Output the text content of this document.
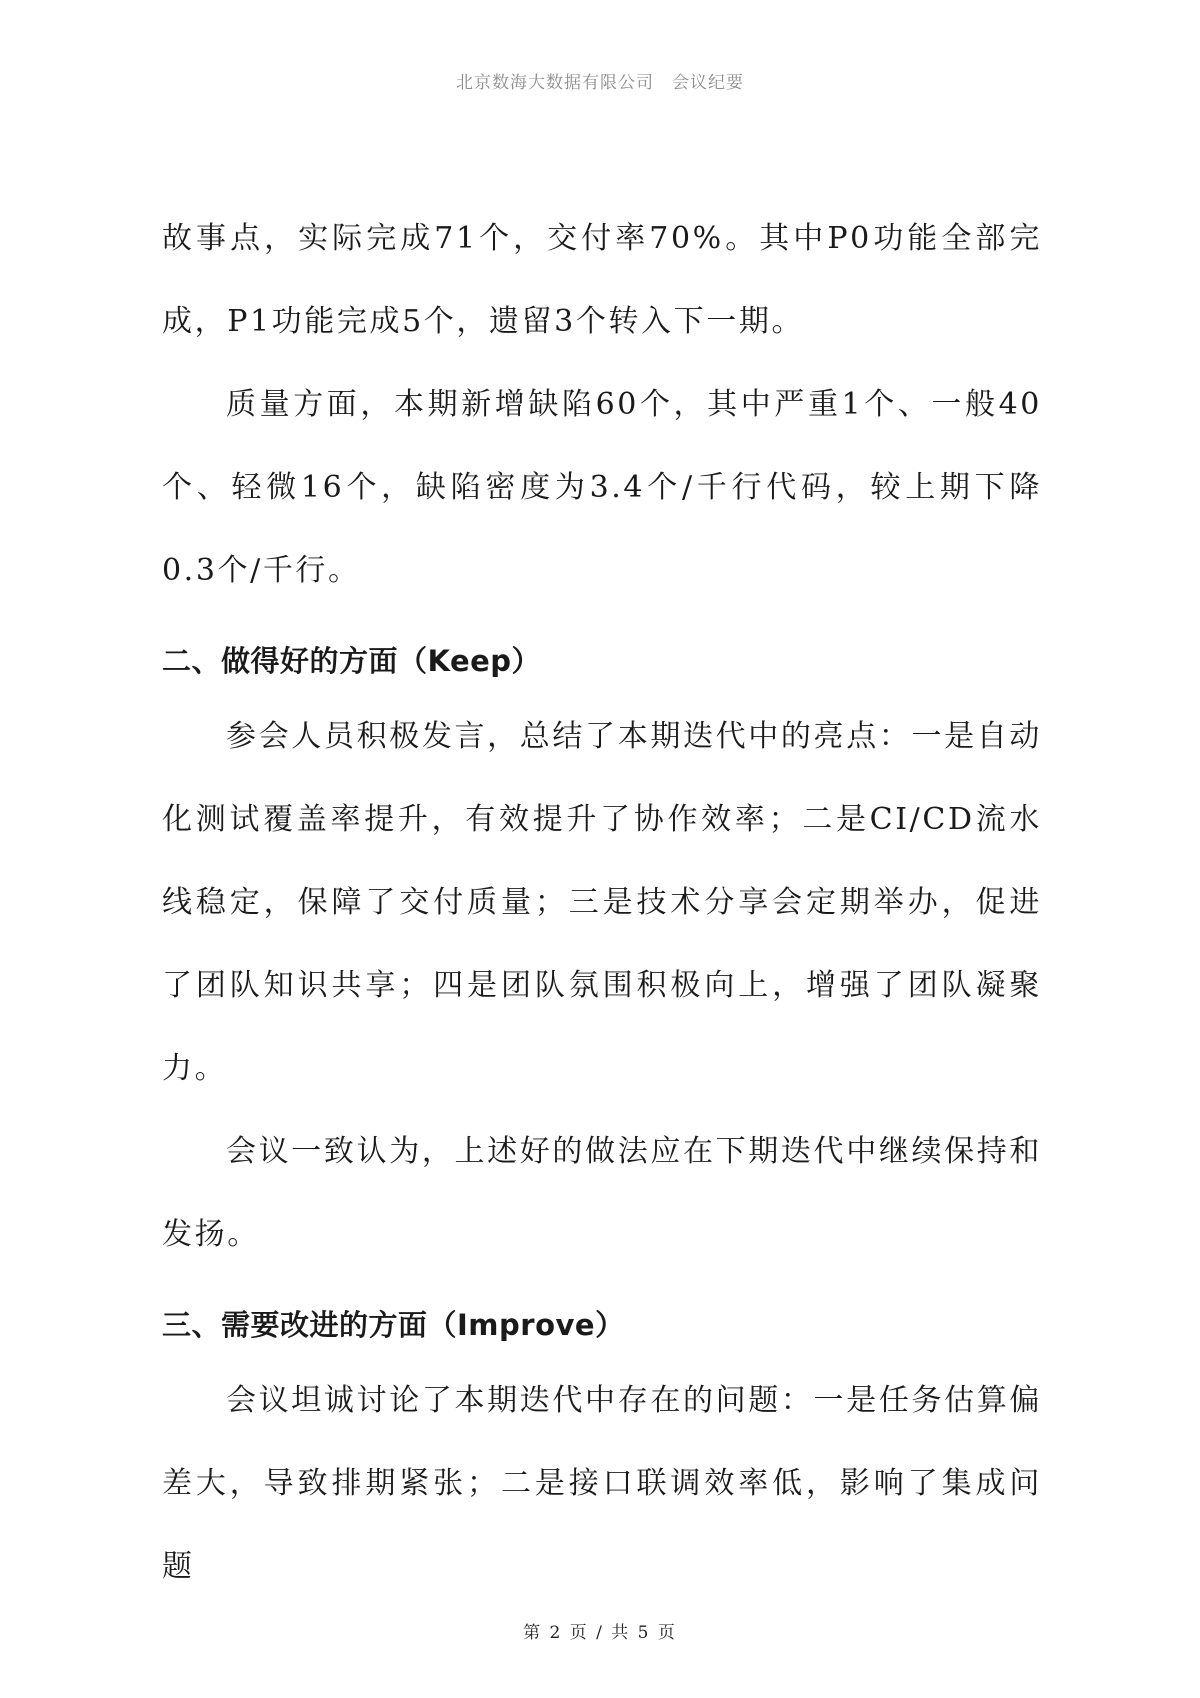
北京数海大数据有限公司　会议纪要

故事点，实际完成71个，交付率70%。其中P0功能全部完成，P1功能完成5个，遗留3个转入下一期。

质量方面，本期新增缺陷60个，其中严重1个、一般40个、轻微16个，缺陷密度为3.4个/千行代码，较上期下降0.3个/千行。

二、做得好的方面（Keep）

参会人员积极发言，总结了本期迭代中的亮点：一是自动化测试覆盖率提升，有效提升了协作效率；二是CI/CD流水线稳定，保障了交付质量；三是技术分享会定期举办，促进了团队知识共享；四是团队氛围积极向上，增强了团队凝聚力。

会议一致认为，上述好的做法应在下期迭代中继续保持和发扬。

三、需要改进的方面（Improve）

会议坦诚讨论了本期迭代中存在的问题：一是任务估算偏差大，导致排期紧张；二是接口联调效率低，影响了集成问题

第 2 页 / 共 5 页
